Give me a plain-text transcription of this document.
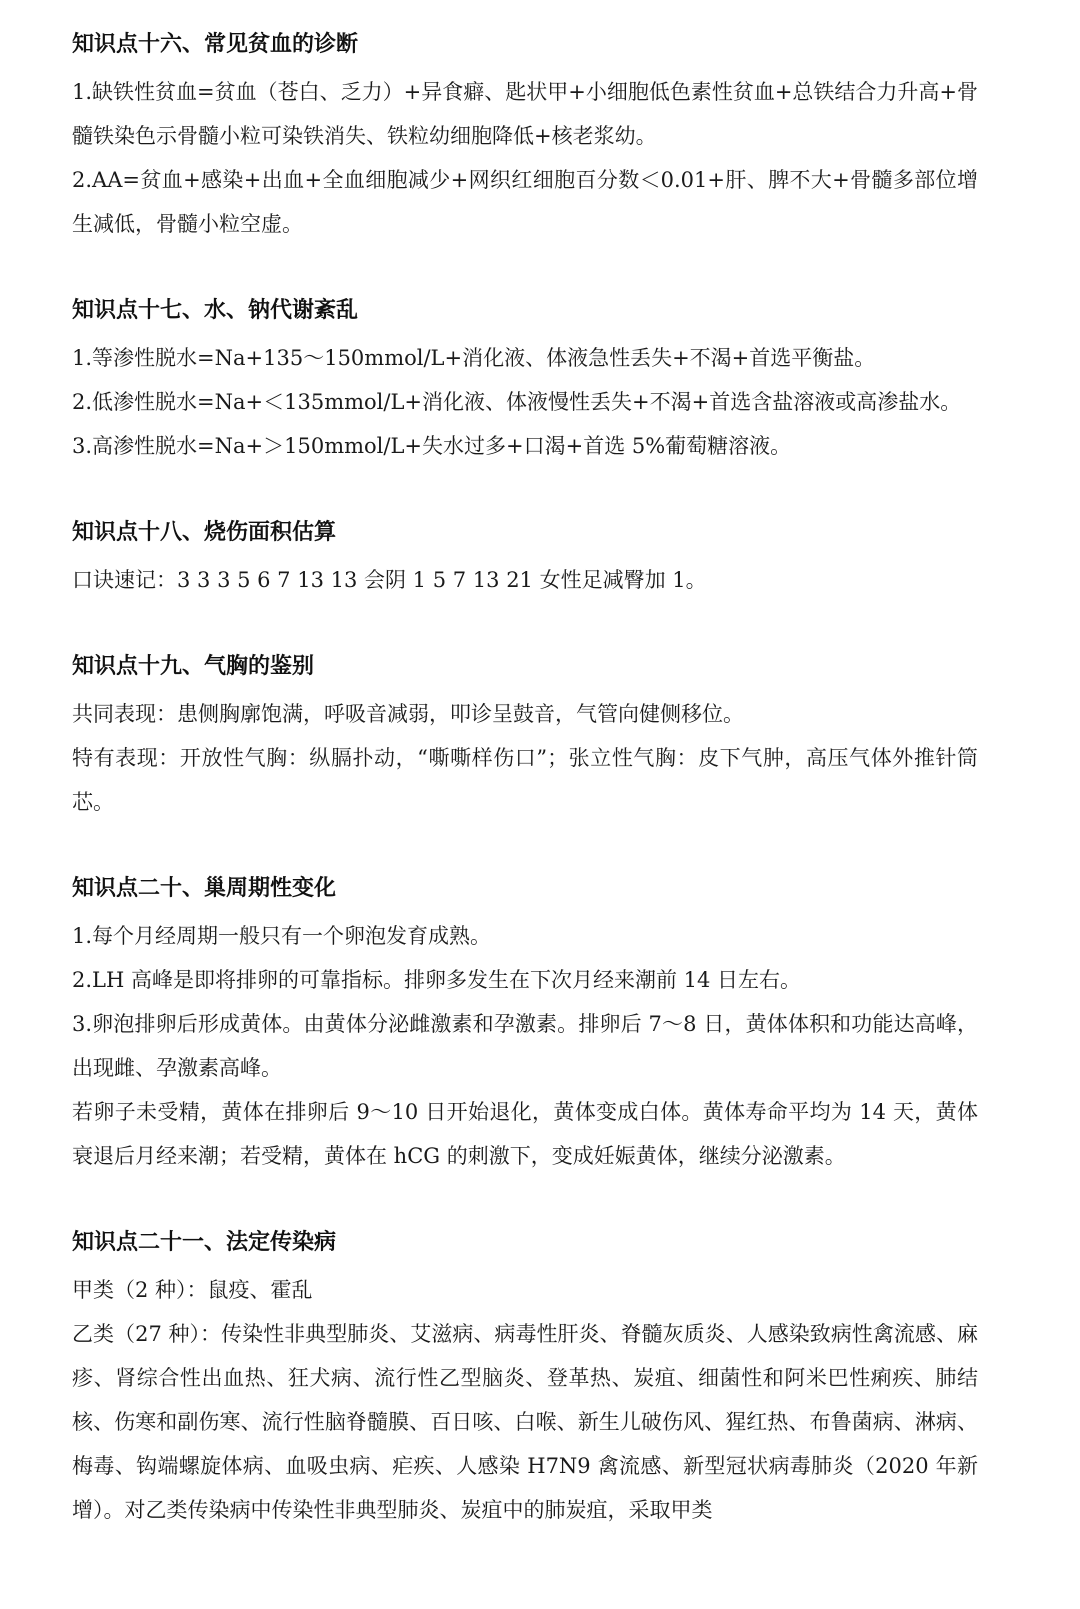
知识点十六、常见贫血的诊断

1.缺铁性贫血=贫血（苍白、乏力）+异食癖、匙状甲+小细胞低色素性贫血+总铁结合力升高+骨髓铁染色示骨髓小粒可染铁消失、铁粒幼细胞降低+核老浆幼。

2.AA=贫血+感染+出血+全血细胞减少+网织红细胞百分数＜0.01+肝、脾不大+骨髓多部位增生减低，骨髓小粒空虚。

知识点十七、水、钠代谢紊乱

1.等渗性脱水=Na+135～150mmol/L+消化液、体液急性丢失+不渴+首选平衡盐。

2.低渗性脱水=Na+＜135mmol/L+消化液、体液慢性丢失+不渴+首选含盐溶液或高渗盐水。

3.高渗性脱水=Na+＞150mmol/L+失水过多+口渴+首选 5%葡萄糖溶液。

知识点十八、烧伤面积估算

口诀速记：3 3 3 5 6 7 13 13 会阴 1 5 7 13 21 女性足减臀加 1。

知识点十九、气胸的鉴别

共同表现：患侧胸廓饱满，呼吸音减弱，叩诊呈鼓音，气管向健侧移位。

特有表现：开放性气胸：纵膈扑动，“嘶嘶样伤口”；张立性气胸：皮下气肿，高压气体外推针筒芯。

知识点二十、巢周期性变化

1.每个月经周期一般只有一个卵泡发育成熟。

2.LH 高峰是即将排卵的可靠指标。排卵多发生在下次月经来潮前 14 日左右。

3.卵泡排卵后形成黄体。由黄体分泌雌激素和孕激素。排卵后 7～8 日，黄体体积和功能达高峰，出现雌、孕激素高峰。

若卵子未受精，黄体在排卵后 9～10 日开始退化，黄体变成白体。黄体寿命平均为 14 天，黄体衰退后月经来潮；若受精，黄体在 hCG 的刺激下，变成妊娠黄体，继续分泌激素。

知识点二十一、法定传染病

甲类（2 种）：鼠疫、霍乱

乙类（27 种）：传染性非典型肺炎、艾滋病、病毒性肝炎、脊髓灰质炎、人感染致病性禽流感、麻疹、肾综合性出血热、狂犬病、流行性乙型脑炎、登革热、炭疽、细菌性和阿米巴性痢疾、肺结核、伤寒和副伤寒、流行性脑脊髓膜、百日咳、白喉、新生儿破伤风、猩红热、布鲁菌病、淋病、梅毒、钩端螺旋体病、血吸虫病、疟疾、人感染 H7N9 禽流感、新型冠状病毒肺炎（2020 年新增）。对乙类传染病中传染性非典型肺炎、炭疽中的肺炭疽，采取甲类
